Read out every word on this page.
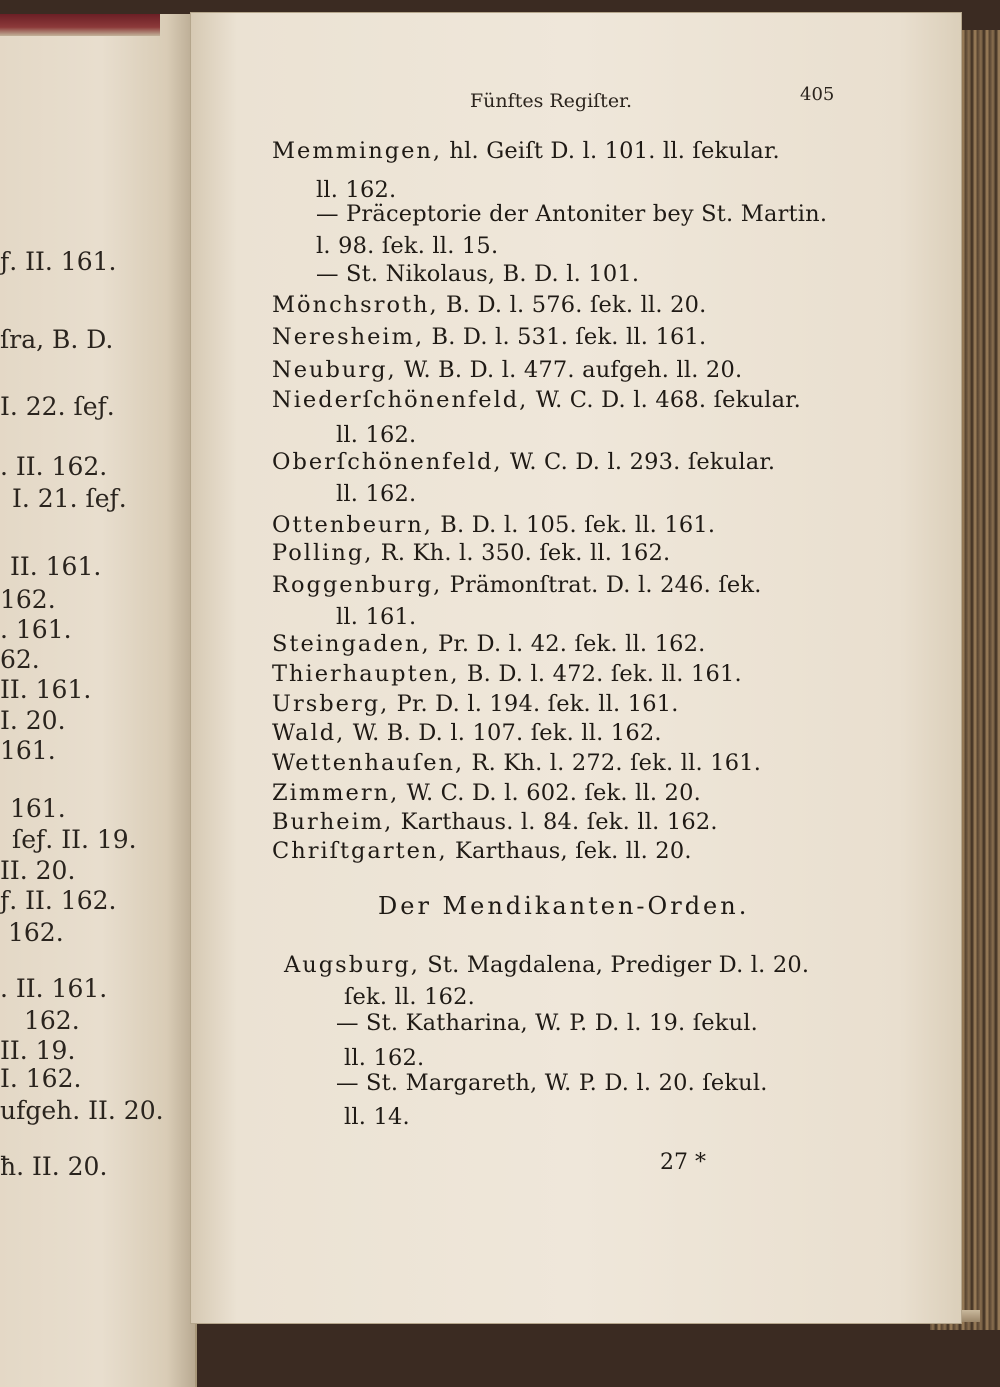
ƒ. II. 161.
ſra, B. D.
I. 22. ſeƒ.
. II. 162.
I. 21. ſeƒ.
II. 161.
162.
. 161.
62.
II. 161.
I. 20.
161.
161.
ſeƒ. II. 19.
II. 20.
ƒ. II. 162.
162.
. II. 161.
162.
II. 19.
I. 162.
ufgeh. II. 20.
ħ. II. 20.
Fünftes Regiſter.	405
Memmingen, hl. Geiſt D. l. 101. ll. ſekular.
ll. 162.
— Präceptorie der Antoniter bey St. Martin.
l. 98. ſek. ll. 15.
— St. Nikolaus, B. D. l. 101.
Mönchsroth, B. D. l. 576. ſek. ll. 20.
Neresheim, B. D. l. 531. ſek. ll. 161.
Neuburg, W. B. D. l. 477. aufgeh. ll. 20.
Niederſchönenfeld, W. C. D. l. 468. ſekular.
ll. 162.
Oberſchönenfeld, W. C. D. l. 293. ſekular.
ll. 162.
Ottenbeurn, B. D. l. 105. ſek. ll. 161.
Polling, R. Kh. l. 350. ſek. ll. 162.
Roggenburg, Prämonſtrat. D. l. 246. ſek.
ll. 161.
Steingaden, Pr. D. l. 42. ſek. ll. 162.
Thierhaupten, B. D. l. 472. ſek. ll. 161.
Ursberg, Pr. D. l. 194. ſek. ll. 161.
Wald, W. B. D. l. 107. ſek. ll. 162.
Wettenhauſen, R. Kh. l. 272. ſek. ll. 161.
Zimmern, W. C. D. l. 602. ſek. ll. 20.
Burheim, Karthaus. l. 84. ſek. ll. 162.
Chriſtgarten, Karthaus, ſek. ll. 20.
Der Mendikanten-Orden.
Augsburg, St. Magdalena, Prediger D. l. 20.
ſek. ll. 162.
— St. Katharina, W. P. D. l. 19. ſekul.
ll. 162.
— St. Margareth, W. P. D. l. 20. ſekul.
ll. 14.
27 *
